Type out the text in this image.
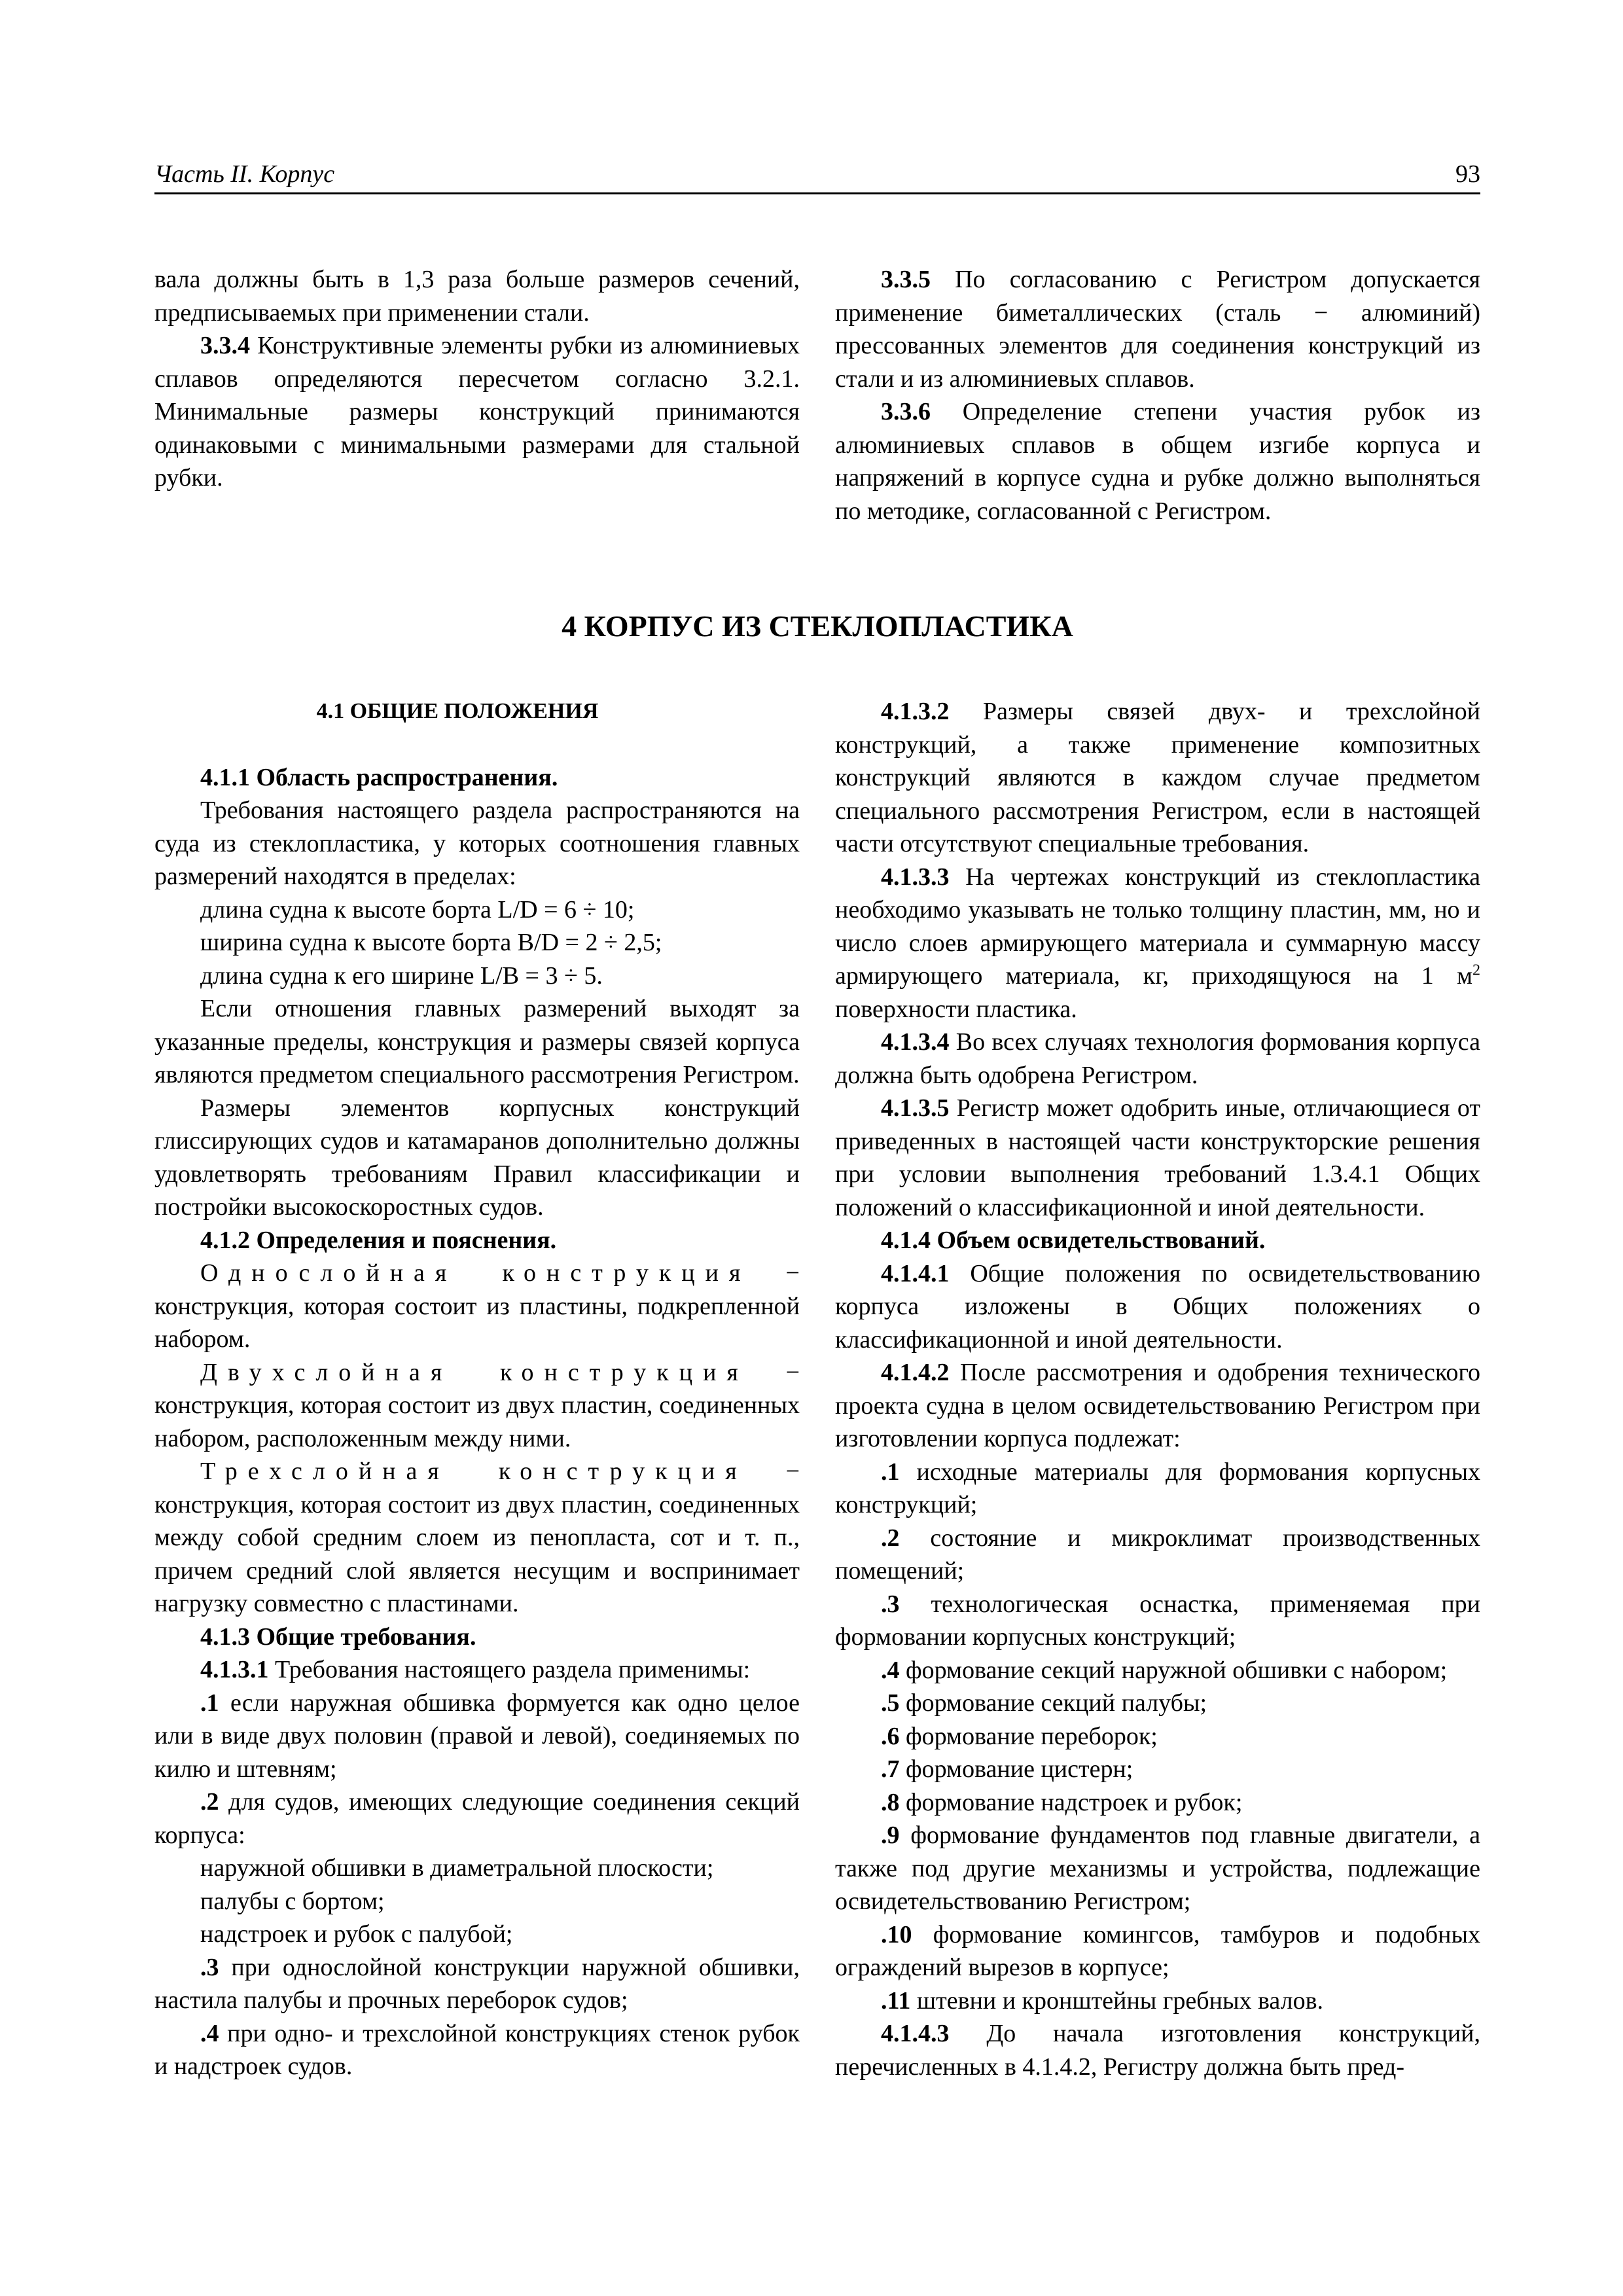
Часть II. Корпус	93

вала должны быть в 1,3 раза больше размеров сечений, предписываемых при применении стали.

3.3.4 Конструктивные элементы рубки из алюминиевых сплавов определяются пересчетом согласно 3.2.1. Минимальные размеры конструкций принимаются одинаковыми с минимальными размерами для стальной рубки.

3.3.5 По согласованию с Регистром допускается применение биметаллических (сталь − алюминий) прессованных элементов для соединения конструкций из стали и из алюминиевых сплавов.

3.3.6 Определение степени участия рубок из алюминиевых сплавов в общем изгибе корпуса и напряжений в корпусе судна и рубке должно выполняться по методике, согласованной с Регистром.

4 КОРПУС ИЗ СТЕКЛОПЛАСТИКА

4.1 ОБЩИЕ ПОЛОЖЕНИЯ

4.1.1 Область распространения.

Требования настоящего раздела распространяются на суда из стеклопластика, у которых соотношения главных размерений находятся в пределах:

длина судна к высоте борта L/D = 6 ÷ 10;

ширина судна к высоте борта B/D = 2 ÷ 2,5;

длина судна к его ширине L/B = 3 ÷ 5.

Если отношения главных размерений выходят за указанные пределы, конструкция и размеры связей корпуса являются предметом специального рассмотрения Регистром.

Размеры элементов корпусных конструкций глиссирующих судов и катамаранов дополнительно должны удовлетворять требованиям Правил классификации и постройки высокоскоростных судов.

4.1.2 Определения и пояснения.

Однослойная конструкция − конструкция, которая состоит из пластины, подкрепленной набором.

Двухслойная конструкция − конструкция, которая состоит из двух пластин, соединенных набором, расположенным между ними.

Трехслойная конструкция − конструкция, которая состоит из двух пластин, соединенных между собой средним слоем из пенопласта, сот и т. п., причем средний слой является несущим и воспринимает нагрузку совместно с пластинами.

4.1.3 Общие требования.

4.1.3.1 Требования настоящего раздела применимы:

.1 если наружная обшивка формуется как одно целое или в виде двух половин (правой и левой), соединяемых по килю и штевням;

.2 для судов, имеющих следующие соединения секций корпуса:

наружной обшивки в диаметральной плоскости;

палубы с бортом;

надстроек и рубок с палубой;

.3 при однослойной конструкции наружной обшивки, настила палубы и прочных переборок судов;

.4 при одно- и трехслойной конструкциях стенок рубок и надстроек судов.

4.1.3.2 Размеры связей двух- и трехслойной конструкций, а также применение композитных конструкций являются в каждом случае предметом специального рассмотрения Регистром, если в настоящей части отсутствуют специальные требования.

4.1.3.3 На чертежах конструкций из стеклопластика необходимо указывать не только толщину пластин, мм, но и число слоев армирующего материала и суммарную массу армирующего материала, кг, приходящуюся на 1 $м^2$ поверхности пластика.

4.1.3.4 Во всех случаях технология формования корпуса должна быть одобрена Регистром.

4.1.3.5 Регистр может одобрить иные, отличающиеся от приведенных в настоящей части конструкторские решения при условии выполнения требований 1.3.4.1 Общих положений о классификационной и иной деятельности.

4.1.4 Объем освидетельствований.

4.1.4.1 Общие положения по освидетельствованию корпуса изложены в Общих положениях о классификационной и иной деятельности.

4.1.4.2 После рассмотрения и одобрения технического проекта судна в целом освидетельствованию Регистром при изготовлении корпуса подлежат:

.1 исходные материалы для формования корпусных конструкций;

.2 состояние и микроклимат производственных помещений;

.3 технологическая оснастка, применяемая при формовании корпусных конструкций;

.4 формование секций наружной обшивки с набором;

.5 формование секций палубы;

.6 формование переборок;

.7 формование цистерн;

.8 формование надстроек и рубок;

.9 формование фундаментов под главные двигатели, а также под другие механизмы и устройства, подлежащие освидетельствованию Регистром;

.10 формование комингсов, тамбуров и подобных ограждений вырезов в корпусе;

.11 штевни и кронштейны гребных валов.

4.1.4.3 До начала изготовления конструкций, перечисленных в 4.1.4.2, Регистру должна быть пред-
